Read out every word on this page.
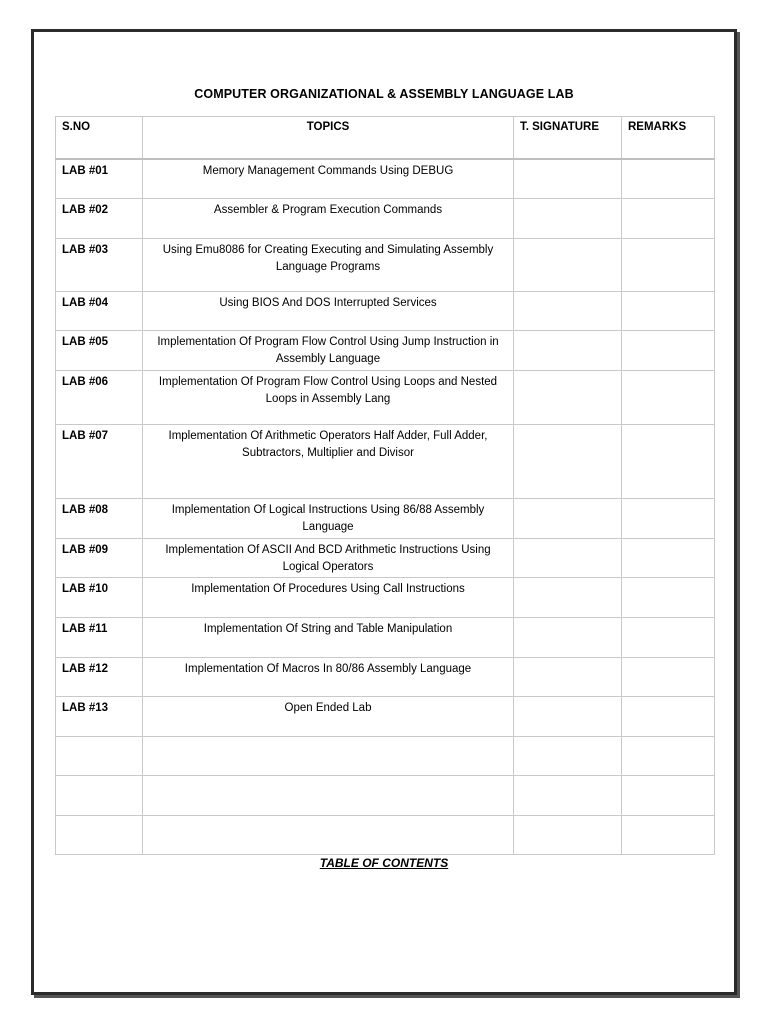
COMPUTER ORGANIZATIONAL & ASSEMBLY LANGUAGE LAB
S.NO	TOPICS	T. SIGNATURE	REMARKS
LAB #01	Memory Management Commands Using DEBUG		
LAB #02	Assembler & Program Execution Commands		
LAB #03	Using Emu8086 for Creating Executing and Simulating Assembly Language Programs		
LAB #04	Using BIOS And DOS Interrupted Services		
LAB #05	Implementation Of Program Flow Control Using Jump Instruction in Assembly Language		
LAB #06	Implementation Of Program Flow Control Using Loops and Nested Loops in Assembly Lang		
LAB #07	Implementation Of Arithmetic Operators Half Adder, Full Adder, Subtractors, Multiplier and Divisor		
LAB #08	Implementation Of Logical Instructions Using 86/88 Assembly Language		
LAB #09	Implementation Of ASCII And BCD Arithmetic Instructions Using Logical Operators		
LAB #10	Implementation Of Procedures Using Call Instructions		
LAB #11	Implementation Of String and Table Manipulation		
LAB #12	Implementation Of Macros In 80/86 Assembly Language		
LAB #13	Open Ended Lab		

TABLE OF CONTENTS
